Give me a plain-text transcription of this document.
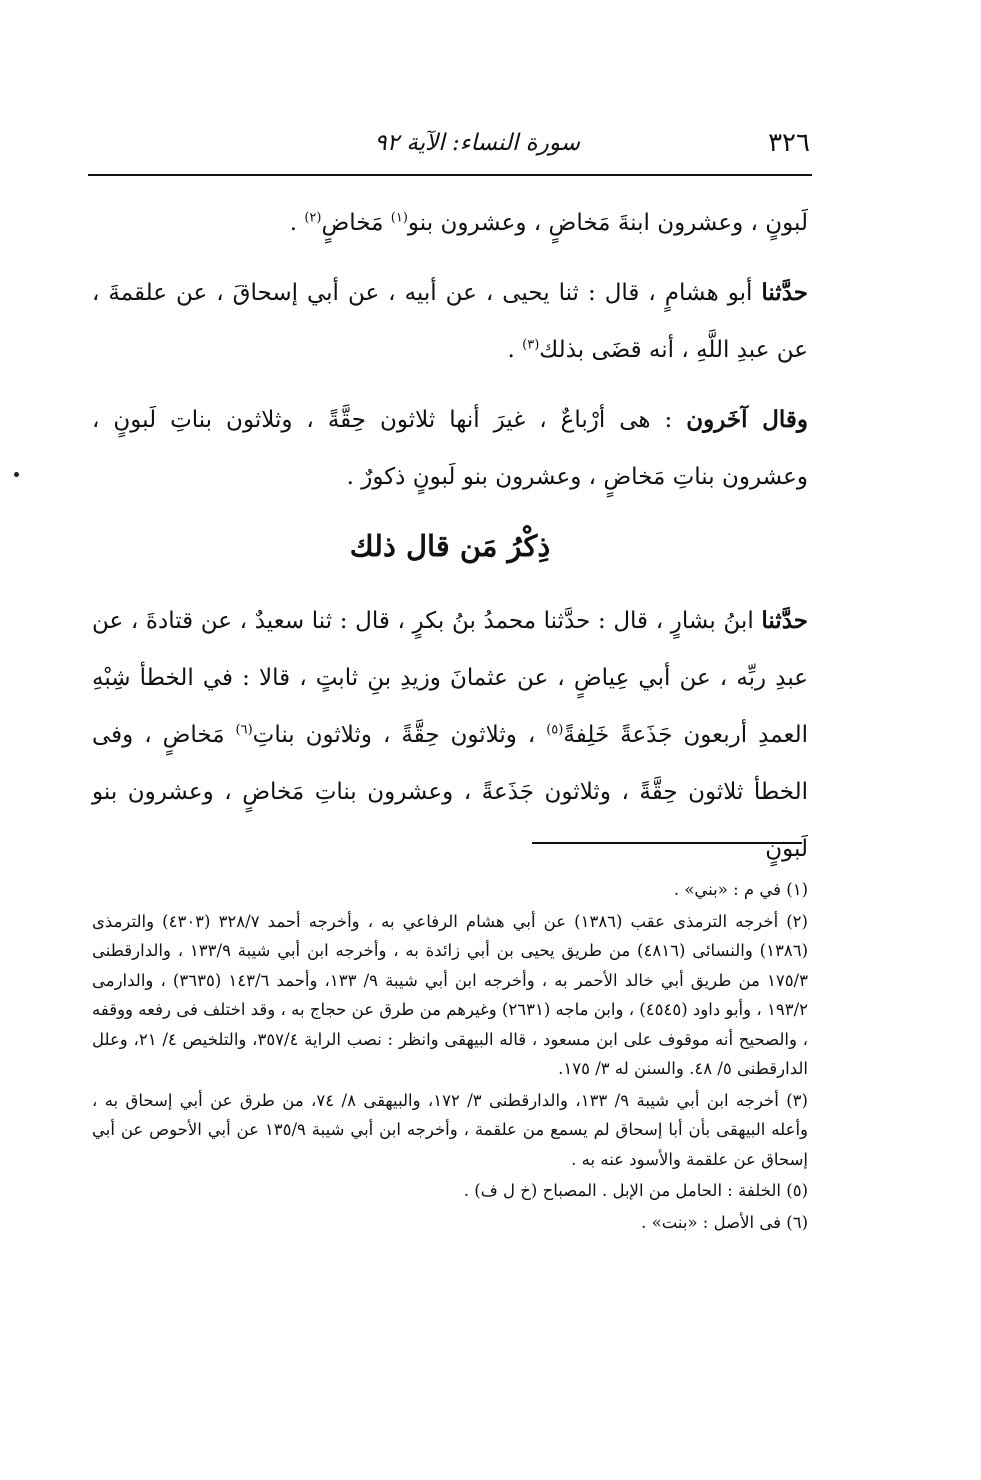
٣٢٦
سورة النساء: الآية ٩٢

لَبونٍ ، وعشرون ابنةَ مَخاضٍ ، وعشرون بنو$^{(١)}$ مَخاضٍ$^{(٢)}$ .

حدَّثنا أبو هشامٍ ، قال : ثنا يحيى ، عن أبيه ، عن أبي إسحاقَ ، عن علقمةَ ، عن عبدِ اللَّهِ ، أنه قضَى بذلك$^{(٣)}$ .

وقال آخَرون : هى أرْباعٌ ، غيرَ أنها ثلاثون حِقَّةً ، وثلاثون بناتِ لَبونٍ ، وعشرون بناتِ مَخاضٍ ، وعشرون بنو لَبونٍ ذكورٌ .

ذِكْرُ مَن قال ذلك

حدَّثنا ابنُ بشارٍ ، قال : حدَّثنا محمدُ بنُ بكرٍ ، قال : ثنا سعيدٌ ، عن قتادةَ ، عن عبدِ ربِّه ، عن أبي عِياضٍ ، عن عثمانَ وزيدِ بنِ ثابتٍ ، قالا : في الخطأ شِبْهِ العمدِ أربعون جَذَعةً خَلِفةً$^{(٥)}$ ، وثلاثون حِقَّةً ، وثلاثون بناتِ$^{(٦)}$ مَخاضٍ ، وفى الخطأ ثلاثون حِقَّةً ، وثلاثون جَذَعةً ، وعشرون بناتِ مَخاضٍ ، وعشرون بنو لَبونٍ

(١) في م : «بني» .

(٢) أخرجه الترمذى عقب (١٣٨٦) عن أبي هشام الرفاعي به ، وأخرجه أحمد ٣٢٨/٧ (٤٣٠٣) والترمذى (١٣٨٦) والنسائى (٤٨١٦) من طريق يحيى بن أبي زائدة به ، وأخرجه ابن أبي شيبة ١٣٣/٩ ، والدارقطنى ١٧٥/٣ من طريق أبي خالد الأحمر به ، وأخرجه ابن أبي شيبة ٩/ ١٣٣، وأحمد ١٤٣/٦ (٣٦٣٥) ، والدارمى ١٩٣/٢ ، وأبو داود (٤٥٤٥) ، وابن ماجه (٢٦٣١) وغيرهم من طرق عن حجاج به ، وقد اختلف فى رفعه ووقفه ، والصحيح أنه موقوف على ابن مسعود ، قاله البيهقى وانظر : نصب الراية ٣٥٧/٤، والتلخيص ٤/ ٢١، وعلل الدارقطنى ٥/ ٤٨. والسنن له ٣/ ١٧٥.

(٣) أخرجه ابن أبي شيبة ٩/ ١٣٣، والدارقطنى ٣/ ١٧٢، والبيهقى ٨/ ٧٤، من طرق عن أبي إسحاق به ، وأعله البيهقى بأن أبا إسحاق لم يسمع من علقمة ، وأخرجه ابن أبي شيبة ١٣٥/٩ عن أبي الأحوص عن أبي إسحاق عن علقمة والأسود عنه به .

(٥) الخلفة : الحامل من الإبل . المصباح (خ ل ف) .

(٦) فى الأصل : «بنت» .
